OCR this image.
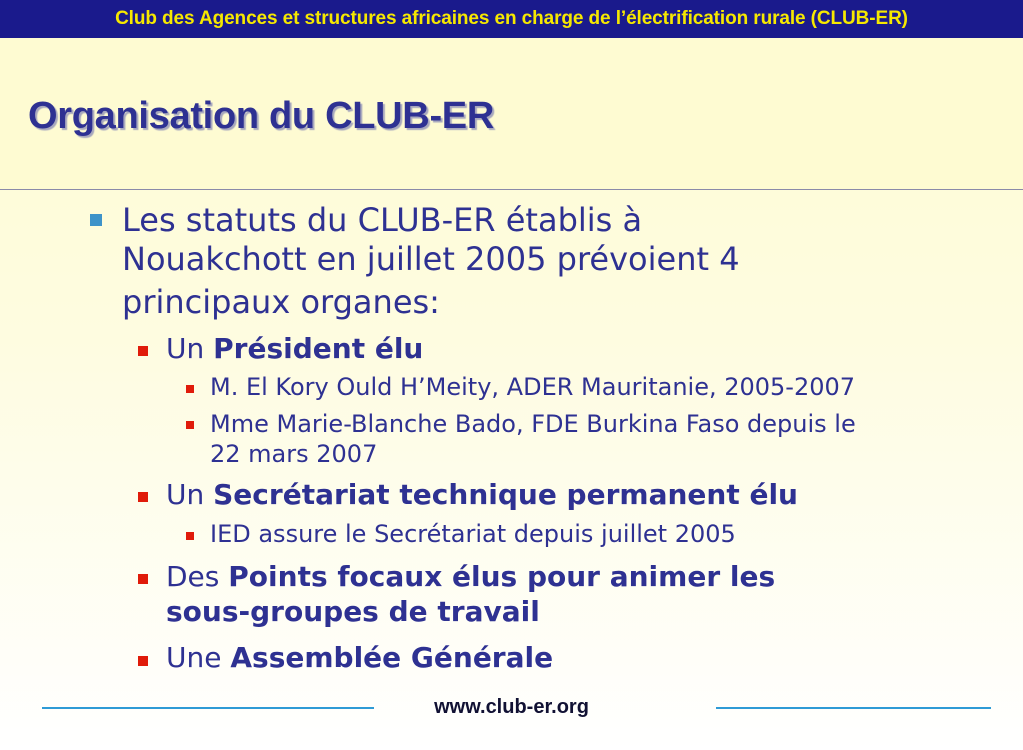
Club des Agences et structures africaines en charge de l’électrification rurale (CLUB-ER)
Organisation du CLUB-ER
Les statuts du CLUB-ER établis à
Nouakchott en juillet 2005 prévoient 4
principaux organes:
Un Président élu
M. El Kory Ould H’Meity, ADER Mauritanie, 2005-2007
Mme Marie-Blanche Bado, FDE Burkina Faso depuis le
22 mars 2007
Un Secrétariat technique permanent élu
IED assure le Secrétariat depuis juillet 2005
Des Points focaux élus pour animer les
sous-groupes de travail
Une Assemblée Générale
www.club-er.org
